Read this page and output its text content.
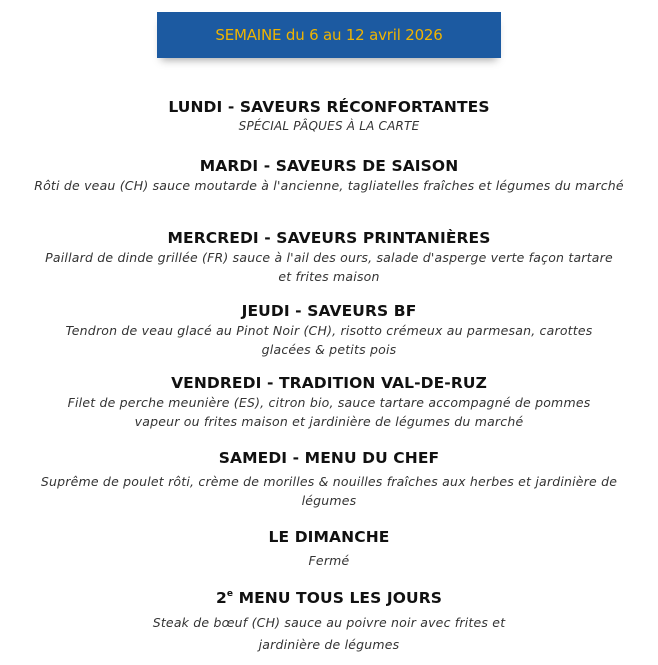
SEMAINE du 6 au 12 avril 2026
LUNDI - SAVEURS RÉCONFORTANTES
SPÉCIAL PÂQUES À LA CARTE
MARDI - SAVEURS DE SAISON
Rôti de veau (CH) sauce moutarde à l'ancienne, tagliatelles fraîches et légumes du marché
MERCREDI - SAVEURS PRINTANIÈRES
Paillard de dinde grillée (FR) sauce à l'ail des ours, salade d'asperge verte façon tartare et frites maison
JEUDI - SAVEURS BF
Tendron de veau glacé au Pinot Noir (CH), risotto crémeux au parmesan, carottes glacées & petits pois
VENDREDI - TRADITION VAL-DE-RUZ
Filet de perche meunière (ES), citron bio, sauce tartare accompagné de pommes vapeur ou frites maison et jardinière de légumes du marché
SAMEDI - MENU DU CHEF
Suprême de poulet rôti, crème de morilles & nouilles fraîches aux herbes et jardinière de légumes
LE DIMANCHE
Fermé
2e MENU TOUS LES JOURS
Steak de bœuf (CH) sauce au poivre noir avec frites et jardinière de légumes
